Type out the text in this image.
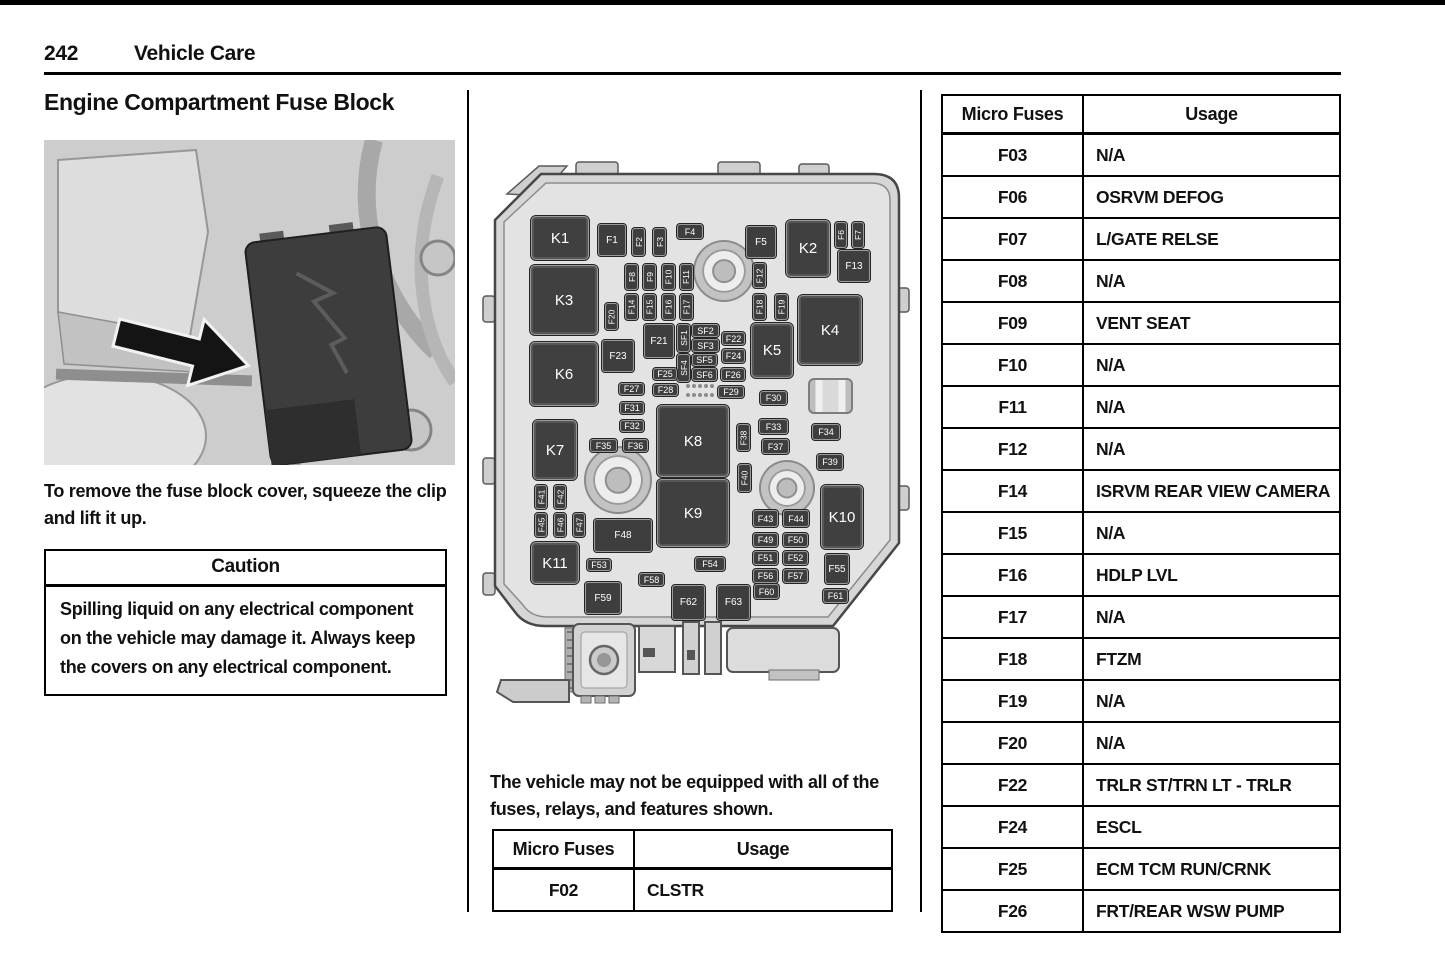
242	Vehicle Care
Engine Compartment Fuse Block
To remove the fuse block cover, squeeze the clip and lift it up.
Caution
Spilling liquid on any electrical component on the vehicle may damage it. Always keep the covers on any electrical component.
K1	F1 F2 F3
F4
F5 K2
F6 F7
F13
F8 F9 F10 F11	F12
K3	F14 F15 F16 F17	F18 F19
F20
K4
F21 SF1 SF2
SF3
F22
K5
K6
F23
SF4
SF5 F24
F25	SF6 F26
F27 F28	F29
F30
F31
F32	F33
F34
F37
F39
K7	F35 F36	K8	F38
F40
K9
F41 F42
F45 F46 F47	K10
F43 F44
F48	F49 F50
F51 F52
F56 F57
F55
K11	F53	F54
F58
F59
F60
F62	F63
F61
The vehicle may not be equipped with all of the fuses, relays, and features shown.
Micro Fuses	Usage
F02	CLSTR
Micro Fuses	Usage
F03	N/A
F06	OSRVM DEFOG
F07	L/GATE RELSE
F08	N/A
F09	VENT SEAT
F10	N/A
F11	N/A
F12	N/A
F14	ISRVM REAR VIEW CAMERA
F15	N/A
F16	HDLP LVL
F17	N/A
F18	FTZM
F19	N/A
F20	N/A
F22	TRLR ST/TRN LT - TRLR
F24	ESCL
F25	ECM TCM RUN/CRNK
F26	FRT/REAR WSW PUMP
